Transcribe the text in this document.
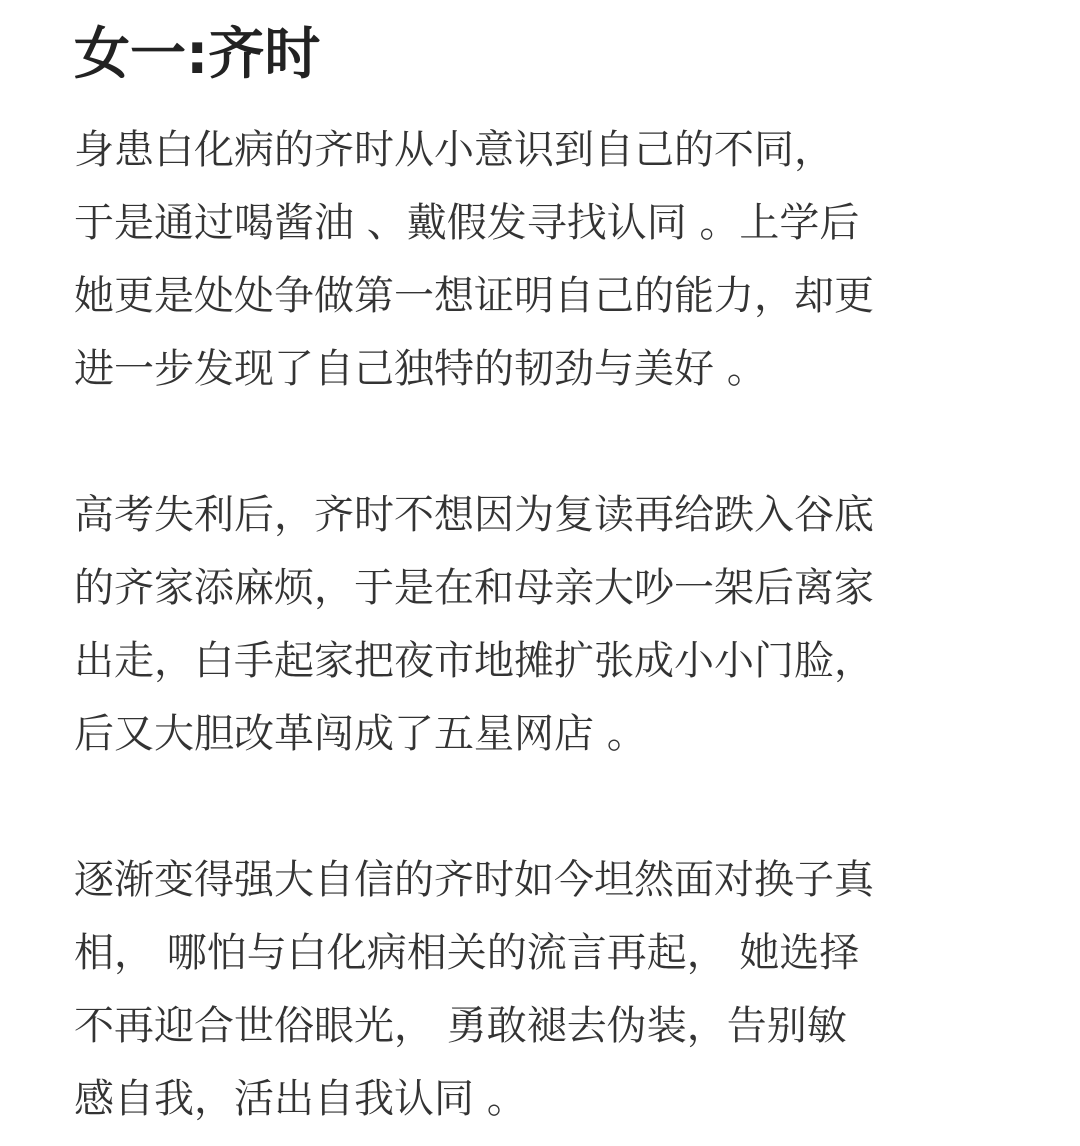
女一:齐时
身患白化病的齐时从小意识到自己的不同，
于是通过喝酱油 、戴假发寻找认同 。上学后
她更是处处争做第一想证明自己的能力，却更
进一步发现了自己独特的韧劲与美好 。
高考失利后，齐时不想因为复读再给跌入谷底
的齐家添麻烦，于是在和母亲大吵一架后离家
出走，白手起家把夜市地摊扩张成小小门脸，
后又大胆改革闯成了五星网店 。
逐渐变得强大自信的齐时如今坦然面对换子真
相， 哪怕与白化病相关的流言再起， 她选择
不再迎合世俗眼光， 勇敢褪去伪装，告别敏
感自我，活出自我认同 。
